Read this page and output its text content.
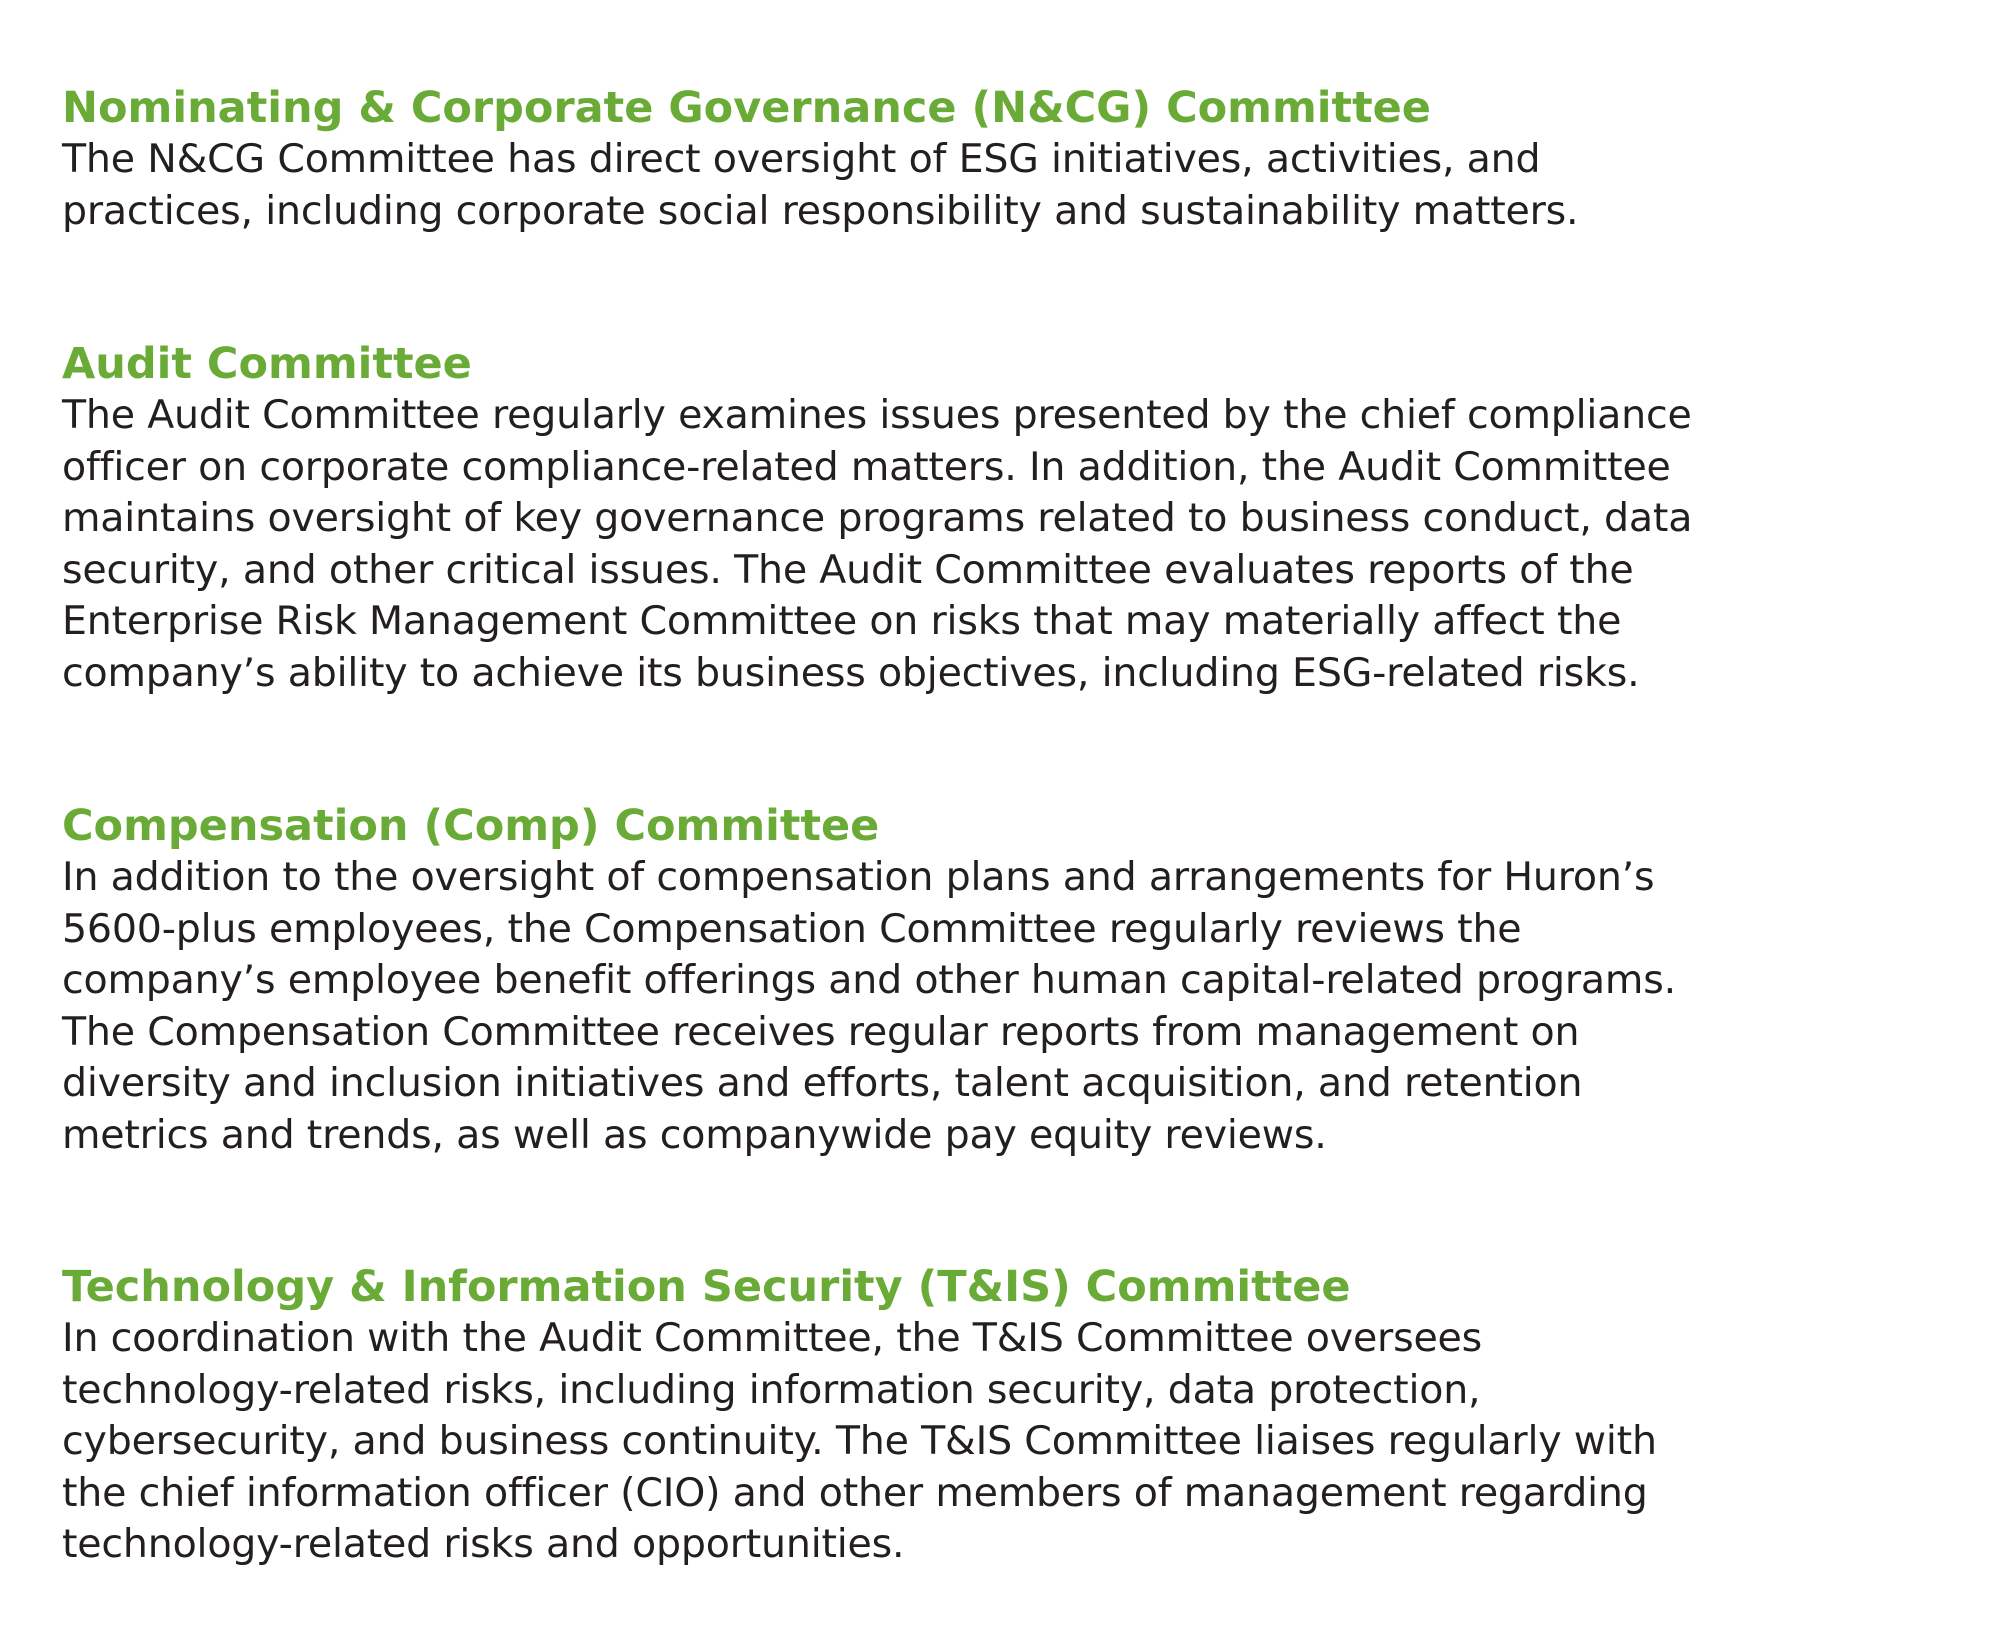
Nominating & Corporate Governance (N&CG) Committee
The N&CG Committee has direct oversight of ESG initiatives, activities, and
practices, including corporate social responsibility and sustainability matters.
Audit Committee
The Audit Committee regularly examines issues presented by the chief compliance
officer on corporate compliance-related matters. In addition, the Audit Committee
maintains oversight of key governance programs related to business conduct, data
security, and other critical issues. The Audit Committee evaluates reports of the
Enterprise Risk Management Committee on risks that may materially affect the
company’s ability to achieve its business objectives, including ESG-related risks.
Compensation (Comp) Committee
In addition to the oversight of compensation plans and arrangements for Huron’s
5600-plus employees, the Compensation Committee regularly reviews the
company’s employee benefit offerings and other human capital-related programs.
The Compensation Committee receives regular reports from management on
diversity and inclusion initiatives and efforts, talent acquisition, and retention
metrics and trends, as well as companywide pay equity reviews.
Technology & Information Security (T&IS) Committee
In coordination with the Audit Committee, the T&IS Committee oversees
technology-related risks, including information security, data protection,
cybersecurity, and business continuity. The T&IS Committee liaises regularly with
the chief information officer (CIO) and other members of management regarding
technology-related risks and opportunities.
